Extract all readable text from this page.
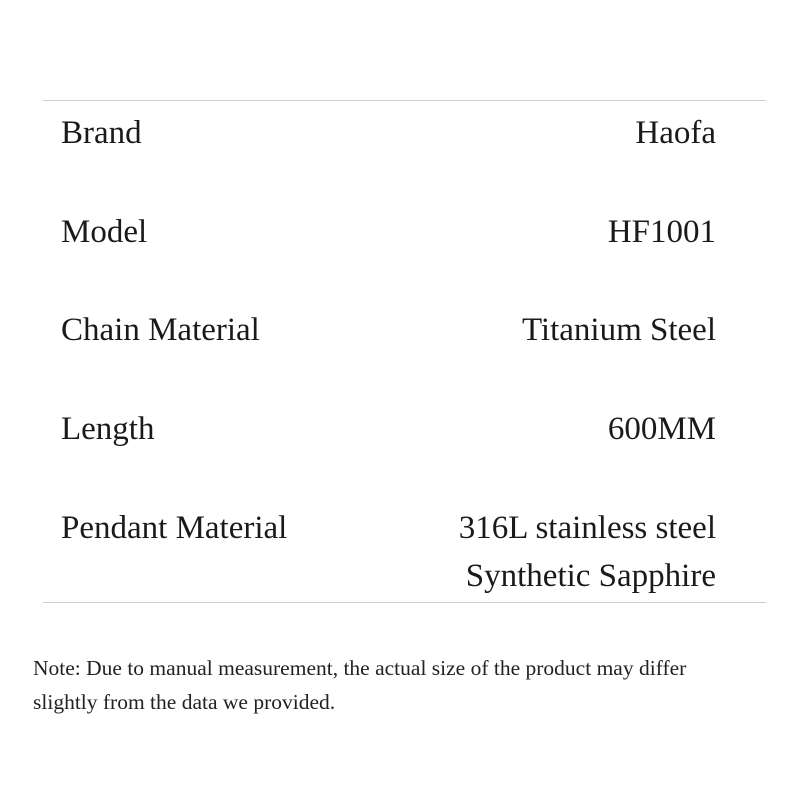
Brand	Haofa
Model	HF1001
Chain Material	Titanium Steel
Length	600MM
Pendant Material	316L stainless steel
Synthetic Sapphire
Note: Due to manual measurement, the actual size of the product may differ
slightly from the data we provided.
